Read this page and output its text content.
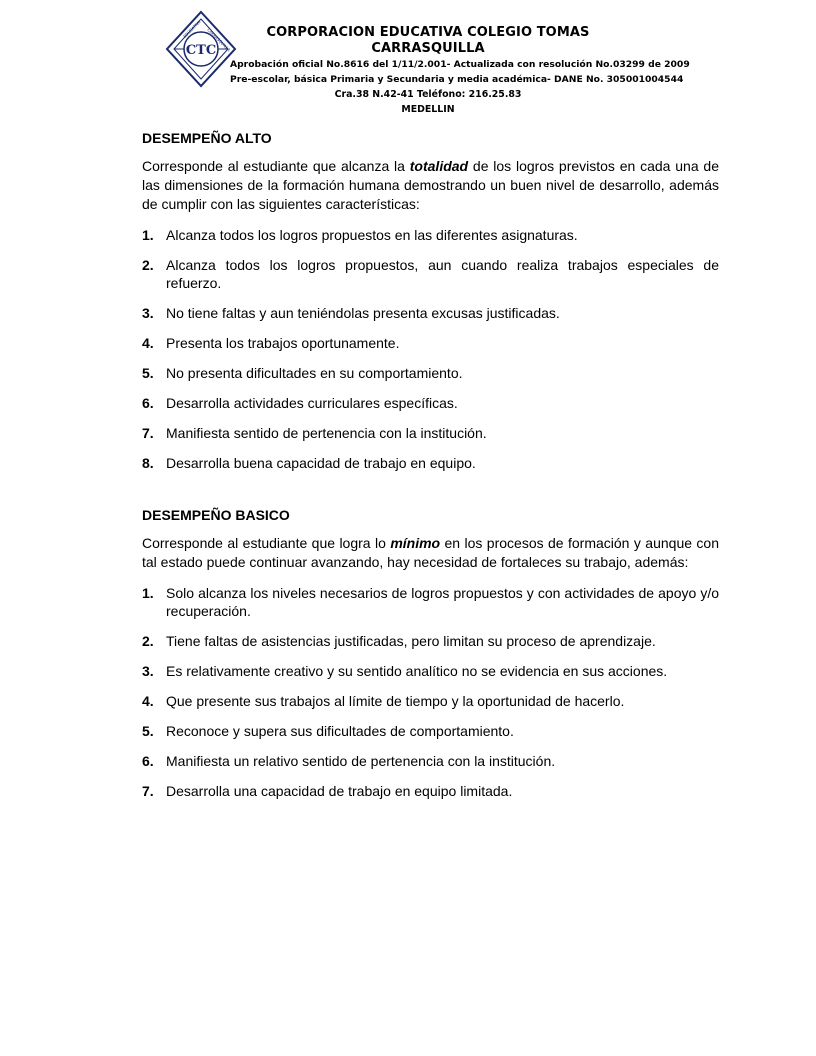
CTC
EDUCATIVA CARRASQUILLA	CORPORACION EDUCATIVA COLEGIO TOMAS CARRASQUILLA
Aprobación oficial No.8616 del 1/11/2.001- Actualizada con resolución No.03299 de 2009
Pre-escolar, básica Primaria y Secundaria y media académica- DANE No. 305001004544
Cra.38 N.42-41 Teléfono: 216.25.83
MEDELLIN
DESEMPEÑO ALTO

Corresponde al estudiante que alcanza la totalidad de los logros previstos en cada una de las dimensiones de la formación humana demostrando un buen nivel de desarrollo, además de cumplir con las siguientes características:

1. Alcanza todos los logros propuestos en las diferentes asignaturas.
2. Alcanza todos los logros propuestos, aun cuando realiza trabajos especiales de refuerzo.
3. No tiene faltas y aun teniéndolas presenta excusas justificadas.
4. Presenta los trabajos oportunamente.
5. No presenta dificultades en su comportamiento.
6. Desarrolla actividades curriculares específicas.
7. Manifiesta sentido de pertenencia con la institución.
8. Desarrolla buena capacidad de trabajo en equipo.
DESEMPEÑO BASICO

Corresponde al estudiante que logra lo mínimo en los procesos de formación y aunque con tal estado puede continuar avanzando, hay necesidad de fortaleces su trabajo, además:

1. Solo alcanza los niveles necesarios de logros propuestos y con actividades de apoyo y/o recuperación.
2. Tiene faltas de asistencias justificadas, pero limitan su proceso de aprendizaje.
3. Es relativamente creativo y su sentido analítico no se evidencia en sus acciones.
4. Que presente sus trabajos al límite de tiempo y la oportunidad de hacerlo.
5. Reconoce y supera sus dificultades de comportamiento.
6. Manifiesta un relativo sentido de pertenencia con la institución.
7. Desarrolla una capacidad de trabajo en equipo limitada.
